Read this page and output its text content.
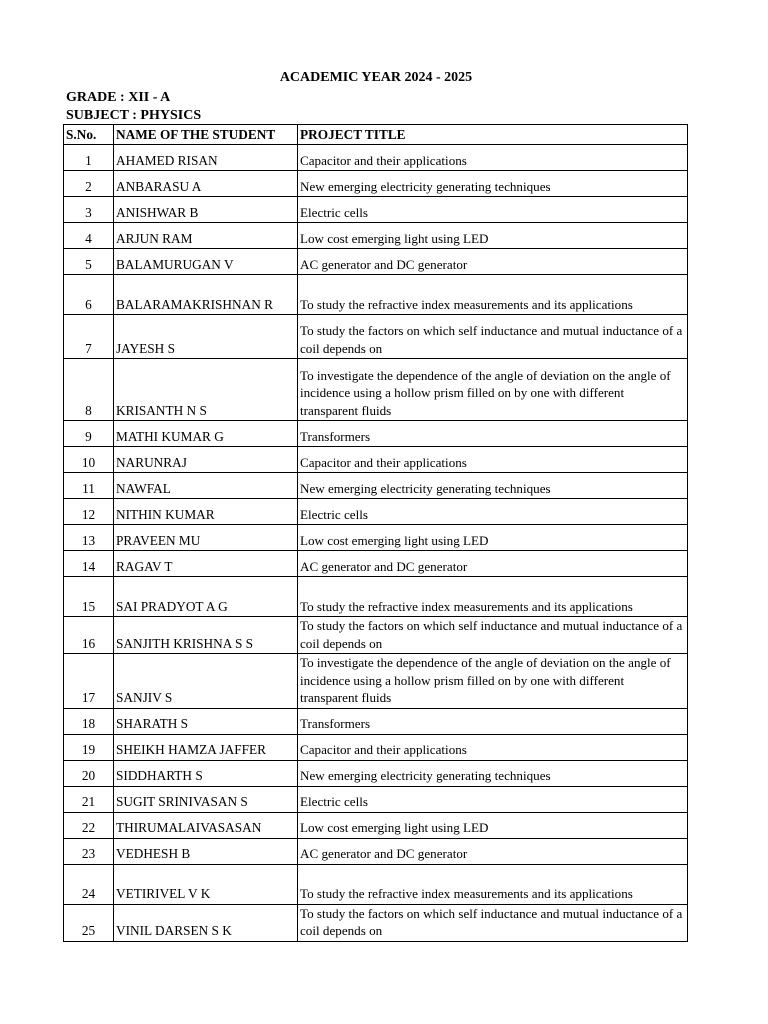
ACADEMIC YEAR 2024 - 2025
GRADE : XII - A
SUBJECT : PHYSICS
S.No.	NAME OF THE STUDENT	PROJECT TITLE
1	AHAMED RISAN	Capacitor and their applications
2	ANBARASU A	New emerging electricity generating techniques
3	ANISHWAR B	Electric cells
4	ARJUN RAM	Low cost emerging light using LED
5	BALAMURUGAN V	AC generator and DC generator
6	BALARAMAKRISHNAN R	To study the refractive index measurements and its applications
7	JAYESH S	To study the factors on which self inductance and mutual inductance of a coil depends on
8	KRISANTH N S	To investigate the dependence of the angle of deviation on the angle of incidence using a hollow prism filled on by one with different transparent fluids
9	MATHI KUMAR G	Transformers
10	NARUNRAJ	Capacitor and their applications
11	NAWFAL	New emerging electricity generating techniques
12	NITHIN KUMAR	Electric cells
13	PRAVEEN MU	Low cost emerging light using LED
14	RAGAV T	AC generator and DC generator
15	SAI PRADYOT A G	To study the refractive index measurements and its applications
16	SANJITH KRISHNA S S	To study the factors on which self inductance and mutual inductance of a coil depends on
17	SANJIV S	To investigate the dependence of the angle of deviation on the angle of incidence using a hollow prism filled on by one with different transparent fluids
18	SHARATH S	Transformers
19	SHEIKH HAMZA JAFFER	Capacitor and their applications
20	SIDDHARTH S	New emerging electricity generating techniques
21	SUGIT SRINIVASAN S	Electric cells
22	THIRUMALAIVASASAN	Low cost emerging light using LED
23	VEDHESH B	AC generator and DC generator
24	VETIRIVEL V K	To study the refractive index measurements and its applications
25	VINIL DARSEN S K	To study the factors on which self inductance and mutual inductance of a coil depends on
